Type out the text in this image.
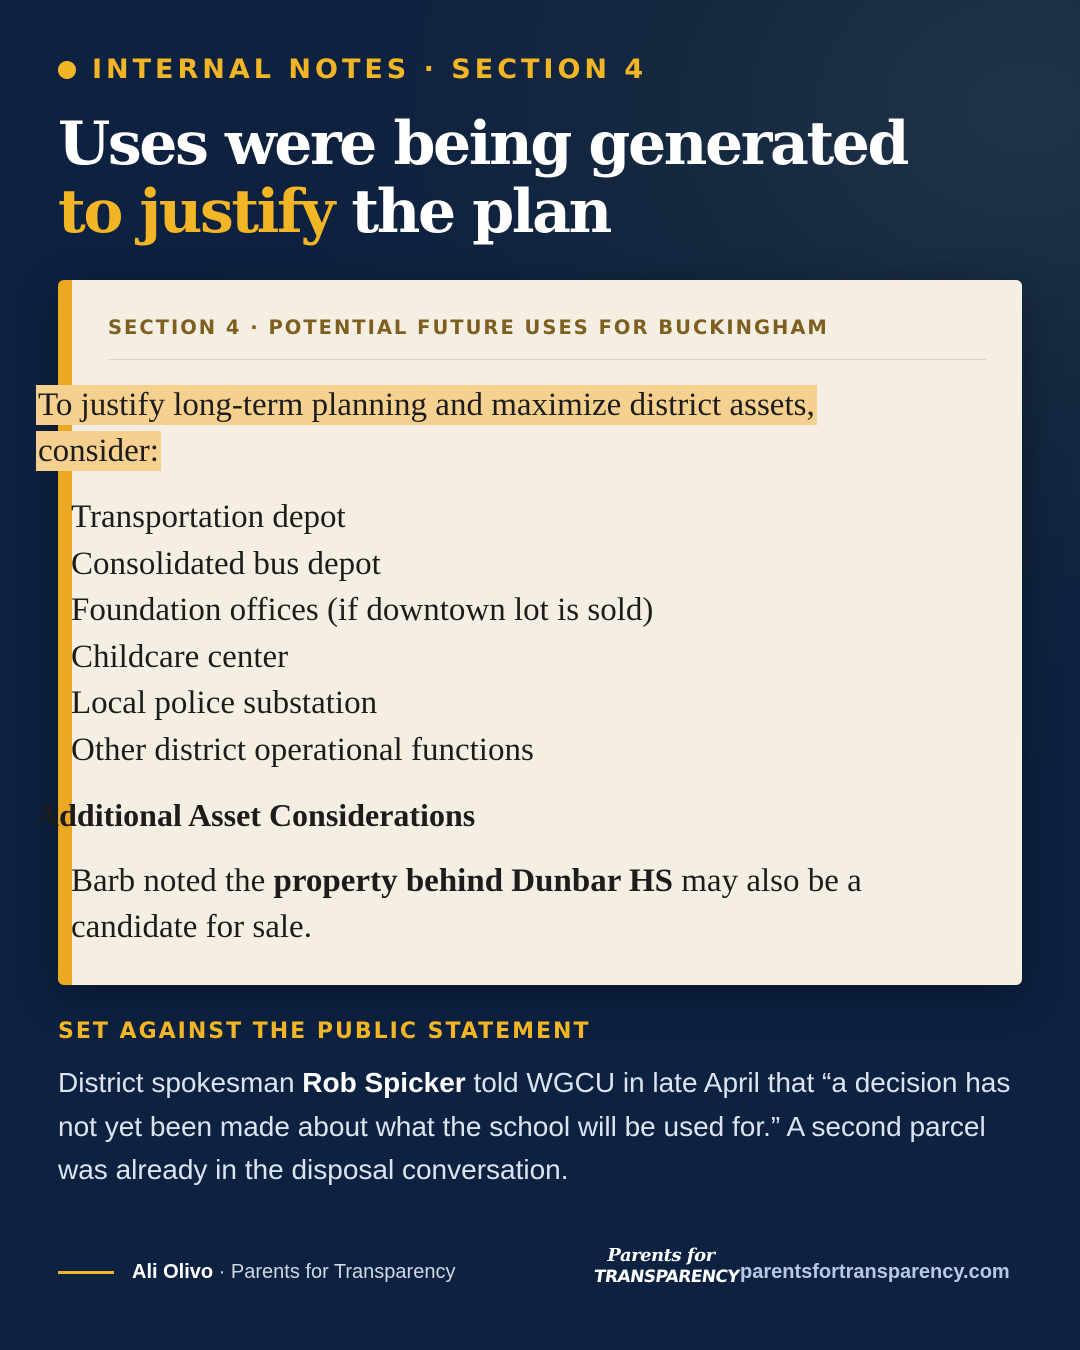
INTERNAL NOTES · SECTION 4
Uses were being generated
to justify the plan
SECTION 4 · POTENTIAL FUTURE USES FOR BUCKINGHAM

To justify long-term planning and maximize district assets, consider:

Transportation depot
Consolidated bus depot
Foundation offices (if downtown lot is sold)
Childcare center
Local police substation
Other district operational functions
Additional Asset Considerations

Barb noted the property behind Dunbar HS may also be a candidate for sale.

SET AGAINST THE PUBLIC STATEMENT

District spokesman Rob Spicker told WGCU in late April that “a decision has not yet been made about what the school will be used for.” A second parcel was already in the disposal conversation.

Ali Olivo · Parents for Transparency
Parents for
TRANSPARENCY parentsfortransparency.com
